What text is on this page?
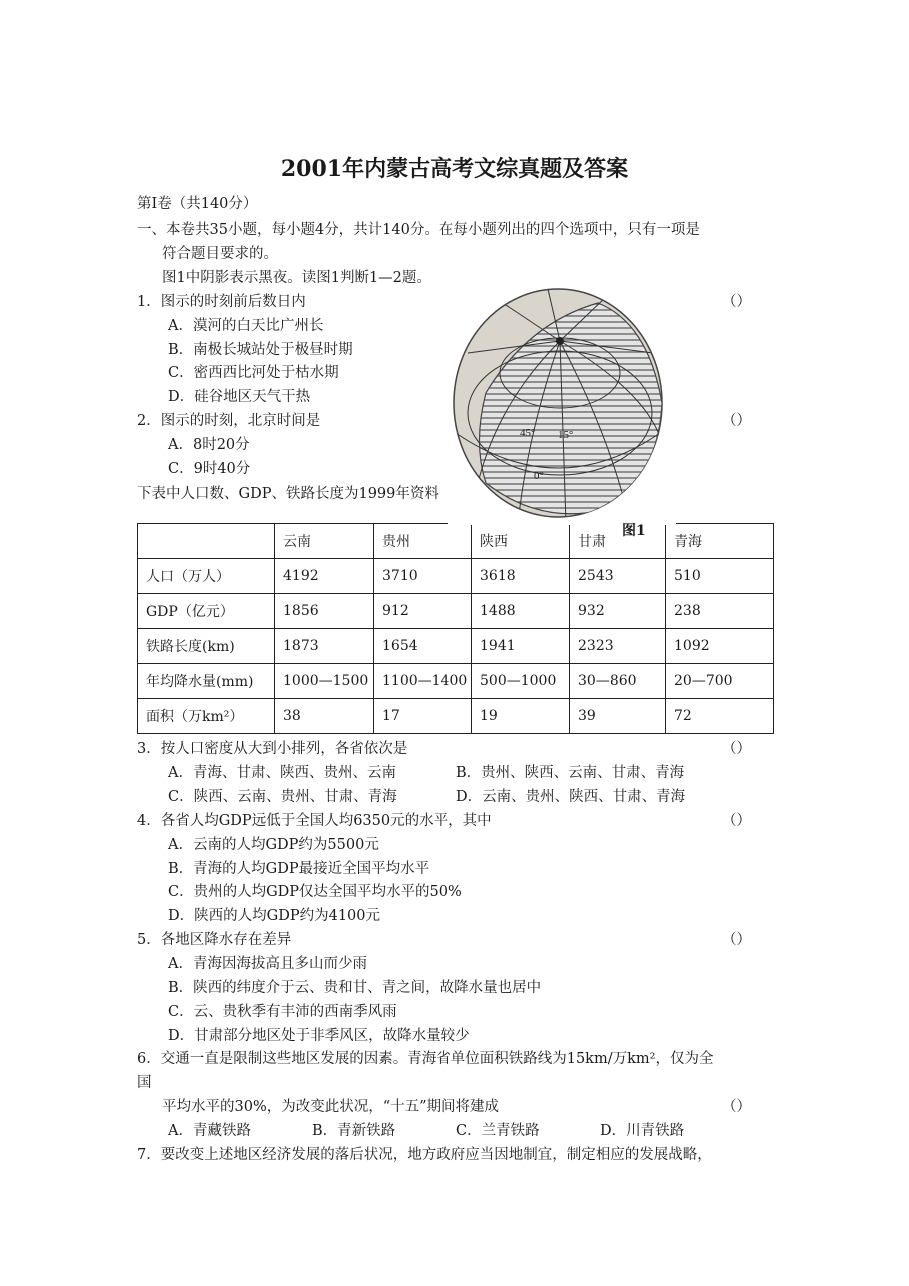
2001年内蒙古高考文综真题及答案
第Ⅰ卷（共140分）
一、本卷共35小题，每小题4分，共计140分。在每小题列出的四个选项中，只有一项是
符合题目要求的。
图1中阴影表示黑夜。读图1判断1—2题。
1．图示的时刻前后数日内	（）
A．漠河的白天比广州长
B．南极长城站处于极昼时期
C．密西西比河处于枯水期
D．硅谷地区天气干热
2．图示的时刻，北京时间是	（）
A．8时20分
C．9时40分
下表中人口数、GDP、铁路长度为1999年资料
	云南	贵州	陕西	甘肃	青海
人口（万人）	4192	3710	3618	2543	510
GDP（亿元）	1856	912	1488	932	238
铁路长度(km)	1873	1654	1941	2323	1092
年均降水量(mm)	1000—1500	1100—1400	500—1000	30—860	20—700
面积（万km²）	38	17	19	39	72
45° 15°
0°
图1
3．按人口密度从大到小排列，各省依次是	（）
A．青海、甘肃、陕西、贵州、云南	B．贵州、陕西、云南、甘肃、青海
C．陕西、云南、贵州、甘肃、青海	D．云南、贵州、陕西、甘肃、青海
4．各省人均GDP远低于全国人均6350元的水平，其中	（）
A．云南的人均GDP约为5500元
B．青海的人均GDP最接近全国平均水平
C．贵州的人均GDP仅达全国平均水平的50%
D．陕西的人均GDP约为4100元
5．各地区降水存在差异	（）
A．青海因海拔高且多山而少雨
B．陕西的纬度介于云、贵和甘、青之间，故降水量也居中
C．云、贵秋季有丰沛的西南季风雨
D．甘肃部分地区处于非季风区，故降水量较少
6．交通一直是限制这些地区发展的因素。青海省单位面积铁路线为15km/万km²，仅为全
国
平均水平的30%，为改变此状况，“十五”期间将建成	（）
A．青藏铁路	B．青新铁路	C．兰青铁路	D．川青铁路
7．要改变上述地区经济发展的落后状况，地方政府应当因地制宜，制定相应的发展战略，
